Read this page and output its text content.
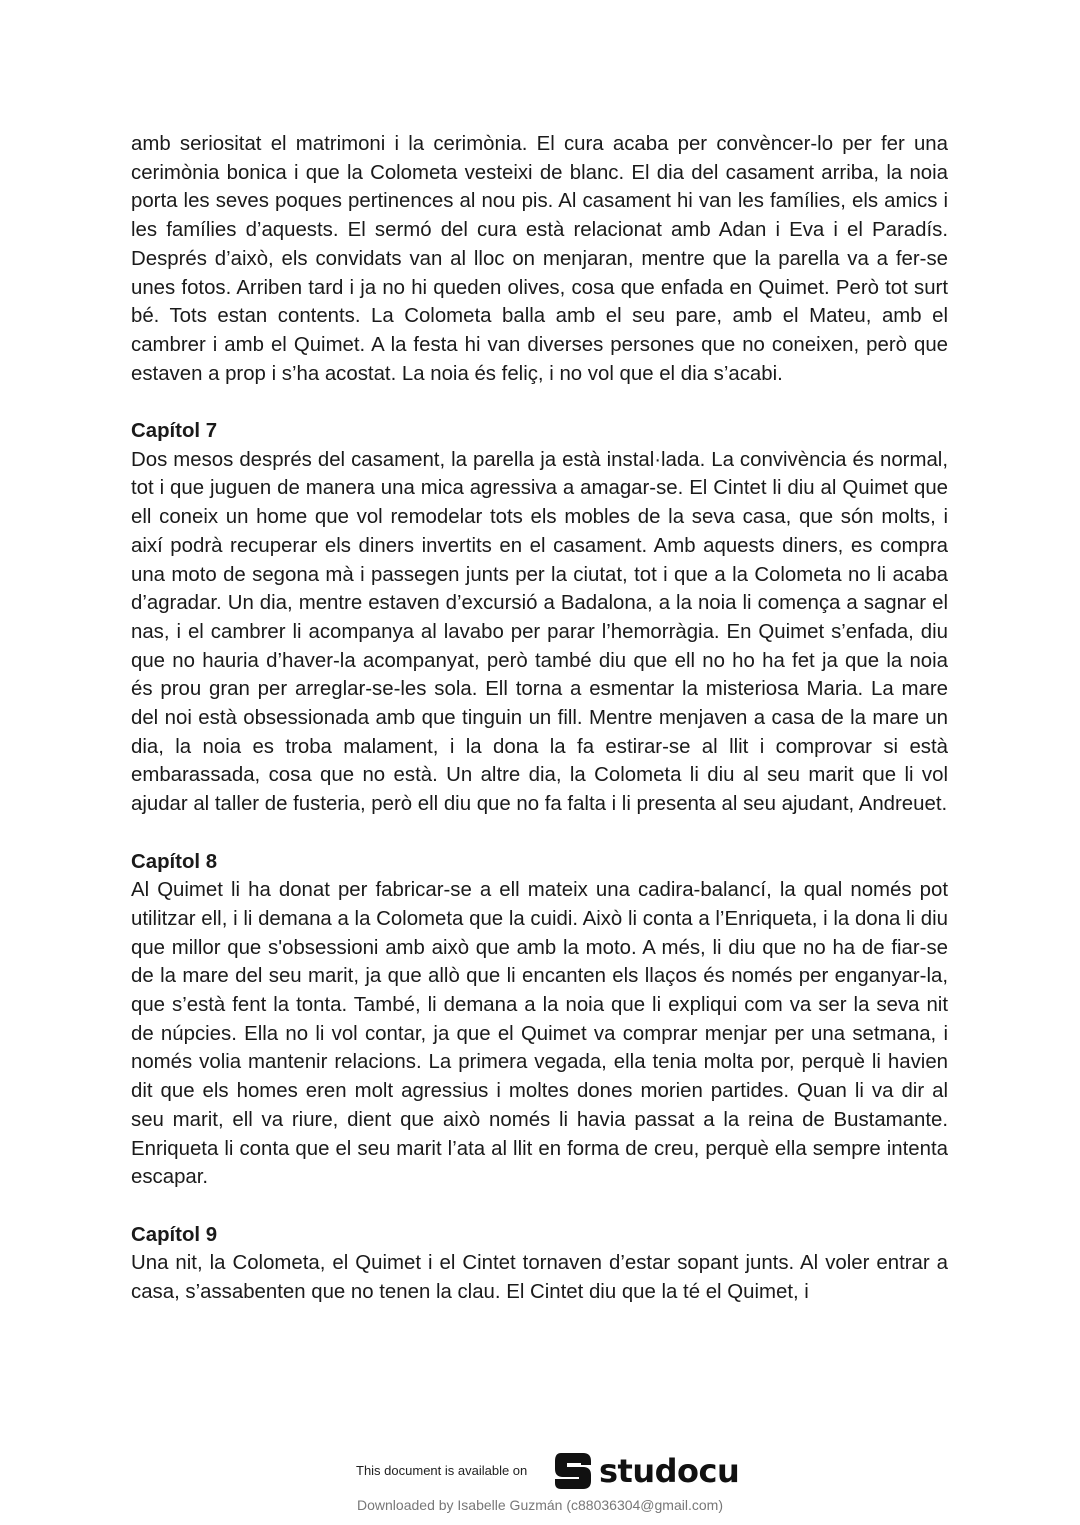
amb seriositat el matrimoni i la cerimònia. El cura acaba per convèncer-lo per fer una cerimònia bonica i que la Colometa vesteixi de blanc. El dia del casament arriba, la noia porta les seves poques pertinences al nou pis. Al casament hi van les famílies, els amics i les famílies d’aquests. El sermó del cura està relacionat amb Adan i Eva i el Paradís. Després d’això, els convidats van al lloc on menjaran, mentre que la parella va a fer-se unes fotos. Arriben tard i ja no hi queden olives, cosa que enfada en Quimet. Però tot surt bé. Tots estan contents. La Colometa balla amb el seu pare, amb el Mateu, amb el cambrer i amb el Quimet. A la festa hi van diverses persones que no coneixen, però que estaven a prop i s’ha acostat. La noia és feliç, i no vol que el dia s’acabi.

Capítol 7

Dos mesos després del casament, la parella ja està instal·lada. La convivència és normal, tot i que juguen de manera una mica agressiva a amagar-se. El Cintet li diu al Quimet que ell coneix un home que vol remodelar tots els mobles de la seva casa, que són molts, i així podrà recuperar els diners invertits en el casament. Amb aquests diners, es compra una moto de segona mà i passegen junts per la ciutat, tot i que a la Colometa no li acaba d’agradar. Un dia, mentre estaven d’excursió a Badalona, a la noia li comença a sagnar el nas, i el cambrer li acompanya al lavabo per parar l’hemorràgia. En Quimet s’enfada, diu que no hauria d’haver-la acompanyat, però també diu que ell no ho ha fet ja que la noia és prou gran per arreglar-se-les sola. Ell torna a esmentar la misteriosa Maria. La mare del noi està obsessionada amb que tinguin un fill. Mentre menjaven a casa de la mare un dia, la noia es troba malament, i la dona la fa estirar-se al llit i comprovar si està embarassada, cosa que no està. Un altre dia, la Colometa li diu al seu marit que li vol ajudar al taller de fusteria, però ell diu que no fa falta i li presenta al seu ajudant, Andreuet.

Capítol 8

Al Quimet li ha donat per fabricar-se a ell mateix una cadira-balancí, la qual només pot utilitzar ell, i li demana a la Colometa que la cuidi. Això li conta a l’Enriqueta, i la dona li diu que millor que s'obsessioni amb això que amb la moto. A més, li diu que no ha de fiar-se de la mare del seu marit, ja que allò que li encanten els llaços és només per enganyar-la, que s’està fent la tonta. També, li demana a la noia que li expliqui com va ser la seva nit de núpcies. Ella no li vol contar, ja que el Quimet va comprar menjar per una setmana, i només volia mantenir relacions. La primera vegada, ella tenia molta por, perquè li havien dit que els homes eren molt agressius i moltes dones morien partides. Quan li va dir al seu marit, ell va riure, dient que això només li havia passat a la reina de Bustamante. Enriqueta li conta que el seu marit l’ata al llit en forma de creu, perquè ella sempre intenta escapar.

Capítol 9

Una nit, la Colometa, el Quimet i el Cintet tornaven d’estar sopant junts. Al voler entrar a casa, s’assabenten que no tenen la clau. El Cintet diu que la té el Quimet, i

This document is available on studocu
Downloaded by Isabelle Guzmán (c88036304@gmail.com)
